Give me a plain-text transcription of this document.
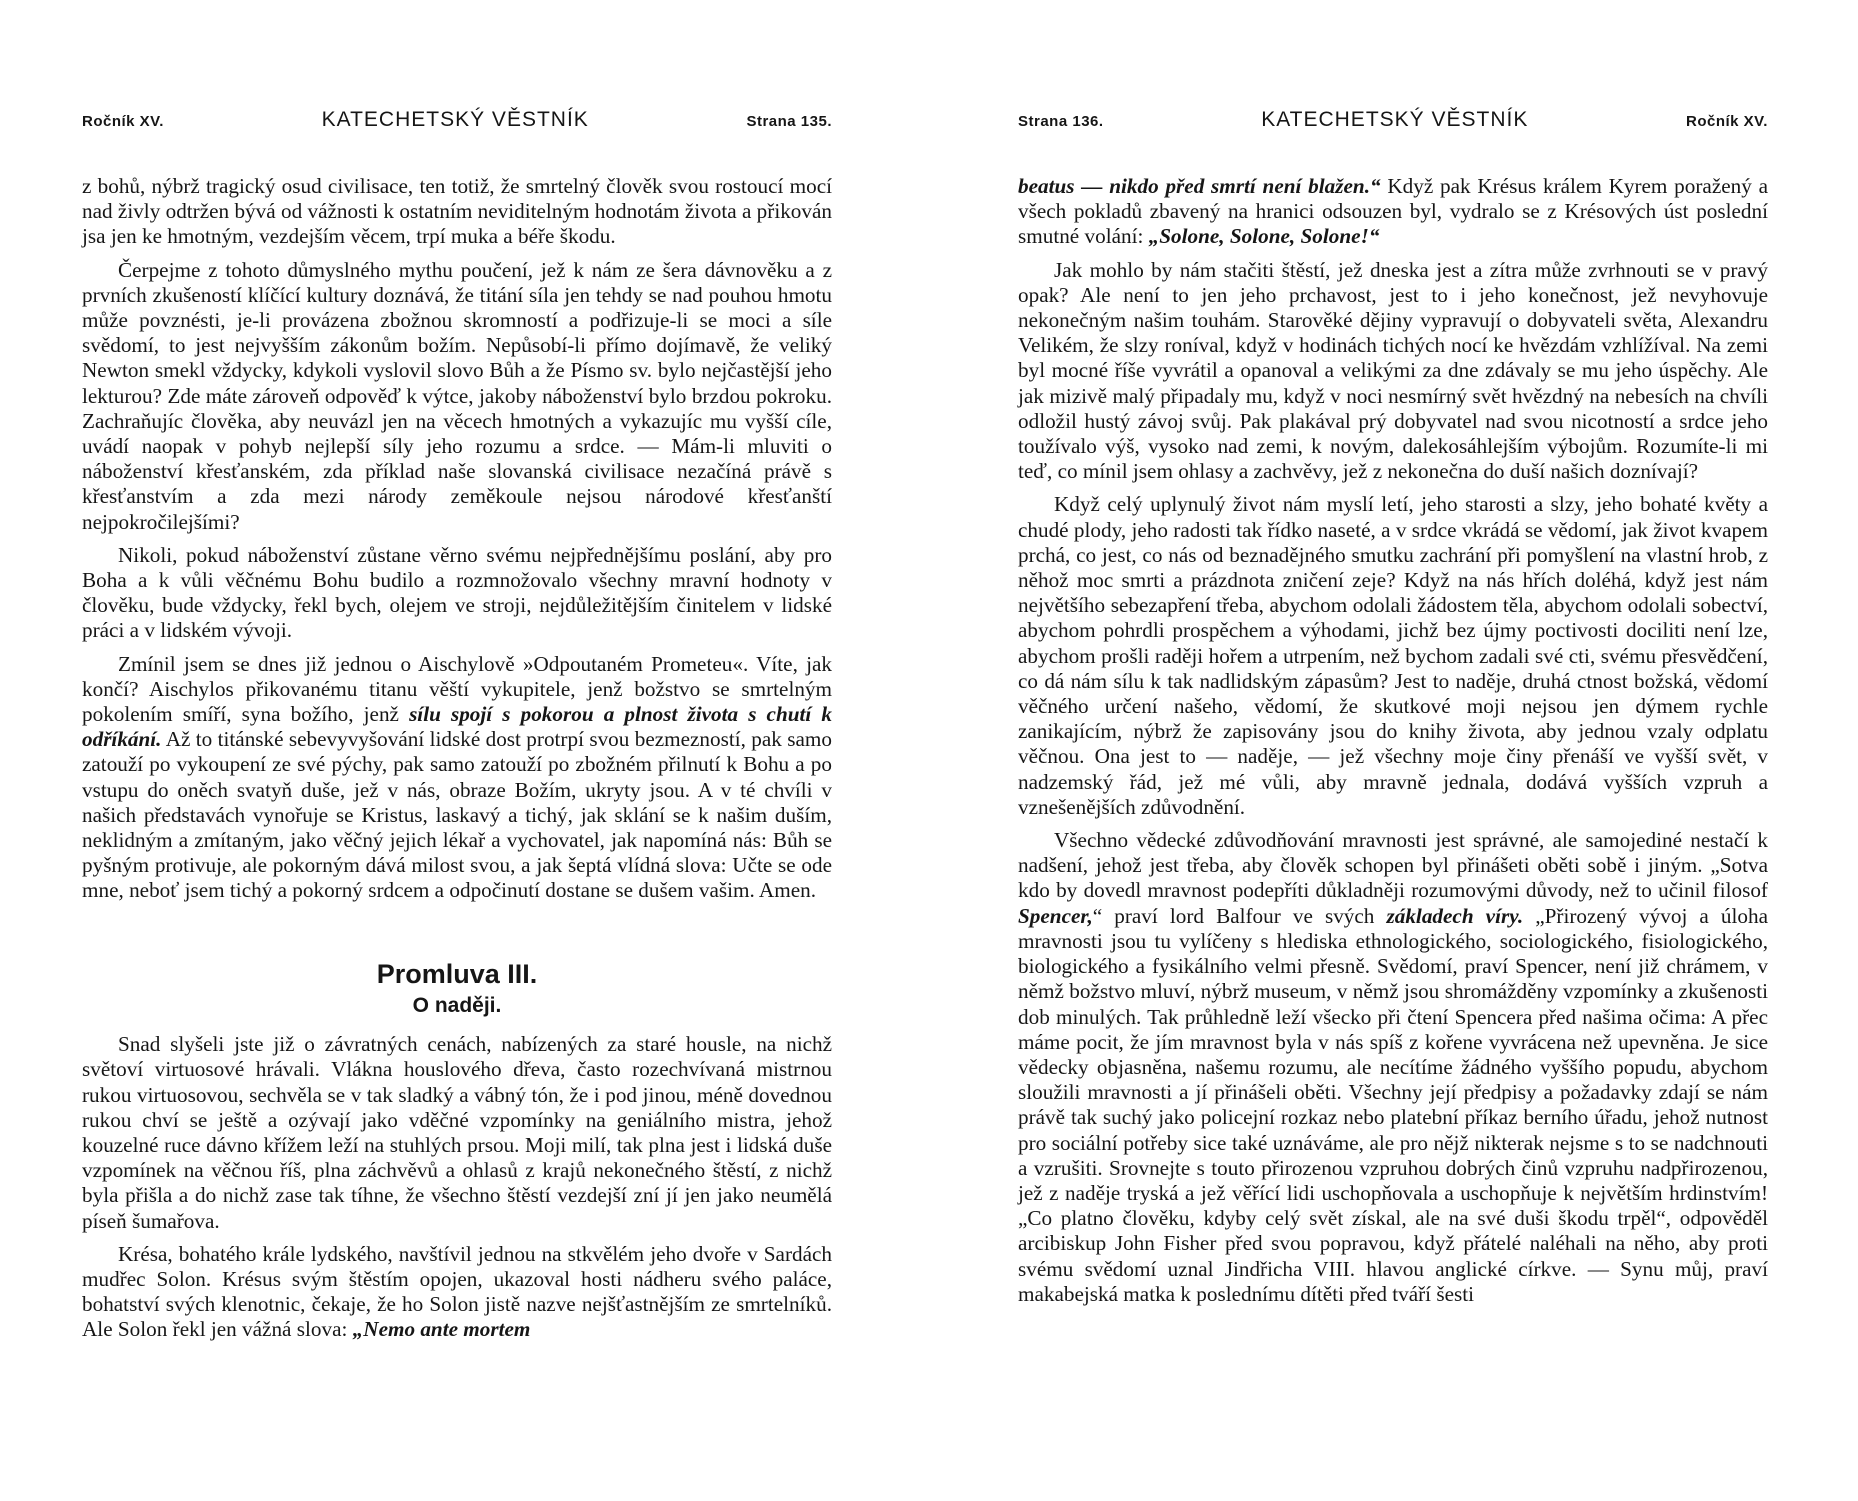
Ročník XV.	KATECHETSKÝ VĚSTNÍK	Strana 135.

z bohů, nýbrž tragický osud civilisace, ten totiž, že smrtelný člověk svou rostoucí mocí nad živly odtržen bývá od vážnosti k ostatním neviditelným hodnotám života a přikován jsa jen ke hmotným, vezdejším věcem, trpí muka a béře škodu.

Čerpejme z tohoto důmyslného mythu poučení, jež k nám ze šera dávnověku a z prvních zkušeností klíčící kultury doznává, že titání síla jen tehdy se nad pouhou hmotu může povznésti, je-li provázena zbožnou skromností a podřizuje-li se moci a síle svědomí, to jest nejvyšším zákonům božím. Nepůsobí-li přímo dojímavě, že veliký Newton smekl vždycky, kdykoli vyslovil slovo Bůh a že Písmo sv. bylo nejčastější jeho lekturou? Zde máte zároveň odpověď k výtce, jakoby náboženství bylo brzdou pokroku. Zachraňujíc člověka, aby neuvázl jen na věcech hmotných a vykazujíc mu vyšší cíle, uvádí naopak v pohyb nejlepší síly jeho rozumu a srdce. — Mám-li mluviti o náboženství křesťanském, zda příklad naše slovanská civilisace nezačíná právě s křesťanstvím a zda mezi národy zeměkoule nejsou národové křesťanští nejpokročilejšími?

Nikoli, pokud náboženství zůstane věrno svému nejpřednějšímu poslání, aby pro Boha a k vůli věčnému Bohu budilo a rozmnožovalo všechny mravní hodnoty v člověku, bude vždycky, řekl bych, olejem ve stroji, nejdůležitějším činitelem v lidské práci a v lidském vývoji.

Zmínil jsem se dnes již jednou o Aischylově »Odpoutaném Prometeu«. Víte, jak končí? Aischylos přikovanému titanu věští vykupitele, jenž božstvo se smrtelným pokolením smíří, syna božího, jenž sílu spojí s pokorou a plnost života s chutí k odříkání. Až to titánské sebevyvyšování lidské dost protrpí svou bezmezností, pak samo zatouží po vykoupení ze své pýchy, pak samo zatouží po zbožném přilnutí k Bohu a po vstupu do oněch svatyň duše, jež v nás, obraze Božím, ukryty jsou. A v té chvíli v našich představách vynořuje se Kristus, laskavý a tichý, jak sklání se k našim duším, neklidným a zmítaným, jako věčný jejich lékař a vychovatel, jak napomíná nás: Bůh se pyšným protivuje, ale pokorným dává milost svou, a jak šeptá vlídná slova: Učte se ode mne, neboť jsem tichý a pokorný srdcem a odpočinutí dostane se dušem vašim. Amen.

Promluva III.
O naději.

Snad slyšeli jste již o závratných cenách, nabízených za staré housle, na nichž světoví virtuosové hrávali. Vlákna houslového dřeva, často rozechvívaná mistrnou rukou virtuosovou, sechvěla se v tak sladký a vábný tón, že i pod jinou, méně dovednou rukou chví se ještě a ozývají jako vděčné vzpomínky na geniálního mistra, jehož kouzelné ruce dávno křížem leží na stuhlých prsou. Moji milí, tak plna jest i lidská duše vzpomínek na věčnou říš, plna záchvěvů a ohlasů z krajů nekonečného štěstí, z nichž byla přišla a do nichž zase tak tíhne, že všechno štěstí vezdejší zní jí jen jako neumělá píseň šumařova.

Krésa, bohatého krále lydského, navštívil jednou na stkvělém jeho dvoře v Sardách mudřec Solon. Krésus svým štěstím opojen, ukazoval hosti nádheru svého paláce, bohatství svých klenotnic, čekaje, že ho Solon jistě nazve nejšťastnějším ze smrtelníků. Ale Solon řekl jen vážná slova: „Nemo ante mortem

Strana 136.	KATECHETSKÝ VĚSTNÍK	Ročník XV.

beatus — nikdo před smrtí není blažen.“ Když pak Krésus králem Kyrem poražený a všech pokladů zbavený na hranici odsouzen byl, vydralo se z Krésových úst poslední smutné volání: „Solone, Solone, Solone!“

Jak mohlo by nám stačiti štěstí, jež dneska jest a zítra může zvrhnouti se v pravý opak? Ale není to jen jeho prchavost, jest to i jeho konečnost, jež nevyhovuje nekonečným našim touhám. Starověké dějiny vypravují o dobyvateli světa, Alexandru Velikém, že slzy roníval, když v hodinách tichých nocí ke hvězdám vzhlížíval. Na zemi byl mocné říše vyvrátil a opanoval a velikými za dne zdávaly se mu jeho úspěchy. Ale jak mizivě malý připadaly mu, když v noci nesmírný svět hvězdný na nebesích na chvíli odložil hustý závoj svůj. Pak plakával prý dobyvatel nad svou nicotností a srdce jeho toužívalo výš, vysoko nad zemi, k novým, dalekosáhlejším výbojům. Rozumíte-li mi teď, co mínil jsem ohlasy a zachvěvy, jež z nekonečna do duší našich doznívají?

Když celý uplynulý život nám myslí letí, jeho starosti a slzy, jeho bohaté květy a chudé plody, jeho radosti tak řídko naseté, a v srdce vkrádá se vědomí, jak život kvapem prchá, co jest, co nás od beznadějného smutku zachrání při pomyšlení na vlastní hrob, z něhož moc smrti a prázdnota zničení zeje? Když na nás hřích doléhá, když jest nám největšího sebezapření třeba, abychom odolali žádostem těla, abychom odolali sobectví, abychom pohrdli prospěchem a výhodami, jichž bez újmy poctivosti dociliti není lze, abychom prošli raději hořem a utrpením, než bychom zadali své cti, svému přesvědčení, co dá nám sílu k tak nadlidským zápasům? Jest to naděje, druhá ctnost božská, vědomí věčného určení našeho, vědomí, že skutkové moji nejsou jen dýmem rychle zanikajícím, nýbrž že zapisovány jsou do knihy života, aby jednou vzaly odplatu věčnou. Ona jest to — naděje, — jež všechny moje činy přenáší ve vyšší svět, v nadzemský řád, jež mé vůli, aby mravně jednala, dodává vyšších vzpruh a vznešenějších zdůvodnění.

Všechno vědecké zdůvodňování mravnosti jest správné, ale samojediné nestačí k nadšení, jehož jest třeba, aby člověk schopen byl přinášeti oběti sobě i jiným. „Sotva kdo by dovedl mravnost podepříti důkladněji rozumovými důvody, než to učinil filosof Spencer,“ praví lord Balfour ve svých základech víry. „Přirozený vývoj a úloha mravnosti jsou tu vylíčeny s hlediska ethnologického, sociologického, fisiologického, biologického a fysikálního velmi přesně. Svědomí, praví Spencer, není již chrámem, v němž božstvo mluví, nýbrž museum, v němž jsou shromážděny vzpomínky a zkušenosti dob minulých. Tak průhledně leží všecko při čtení Spencera před našima očima: A přec máme pocit, že jím mravnost byla v nás spíš z kořene vyvrácena než upevněna. Je sice vědecky objasněna, našemu rozumu, ale necítíme žádného vyššího popudu, abychom sloužili mravnosti a jí přinášeli oběti. Všechny její předpisy a požadavky zdají se nám právě tak suchý jako policejní rozkaz nebo platební příkaz berního úřadu, jehož nutnost pro sociální potřeby sice také uznáváme, ale pro nějž nikterak nejsme s to se nadchnouti a vzrušiti. Srovnejte s touto přirozenou vzpruhou dobrých činů vzpruhu nadpřirozenou, jež z naděje tryská a jež věřící lidi uschopňovala a uschopňuje k největším hrdinstvím! „Co platno člověku, kdyby celý svět získal, ale na své duši škodu trpěl“, odpověděl arcibiskup John Fisher před svou popravou, když přátelé naléhali na něho, aby proti svému svědomí uznal Jindřicha VIII. hlavou anglické církve. — Synu můj, praví makabejská matka k poslednímu dítěti před tváří šesti
